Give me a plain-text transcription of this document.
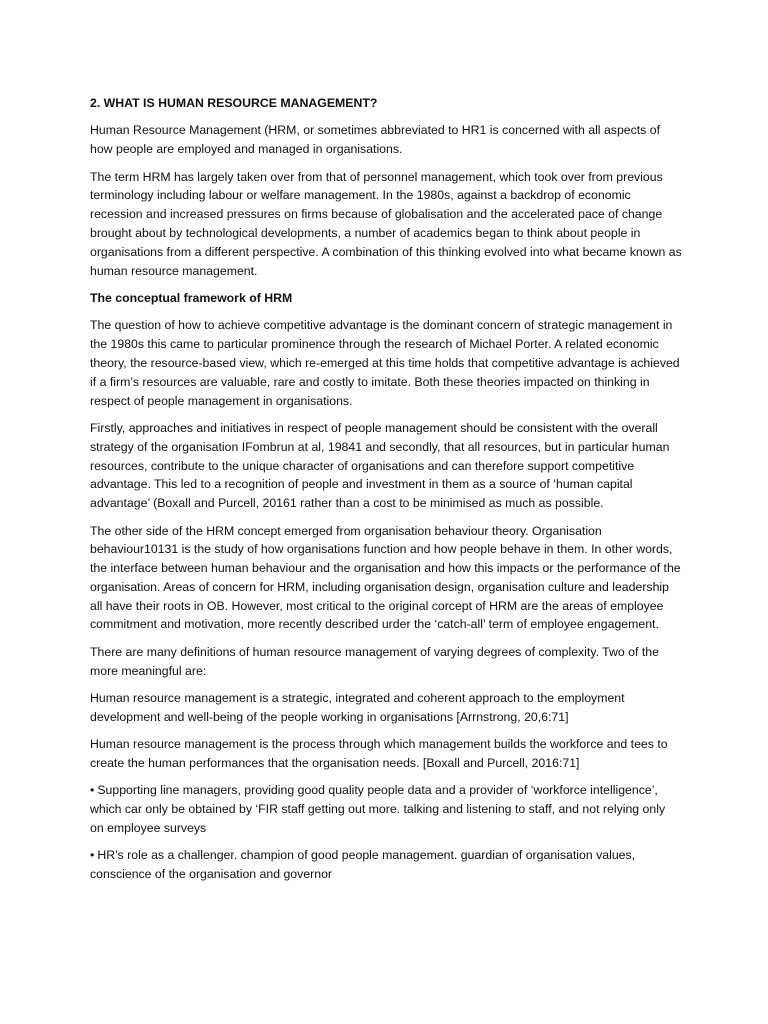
2. WHAT IS HUMAN RESOURCE MANAGEMENT?

Human Resource Management (HRM, or sometimes abbreviated to HR1 is concerned with all aspects of how people are employed and managed in organisations.

The term HRM has largely taken over from that of personnel management, which took over from previous terminology including labour or welfare management. In the 1980s, against a backdrop of economic recession and increased pressures on firms because of globalisation and the accelerated pace of change brought about by technological developments, a number of academics began to think about people in organisations from a different perspective. A combination of this thinking evolved into what became known as human resource management.

The conceptual framework of HRM

The question of how to achieve competitive advantage is the dominant concern of strategic management in the 1980s this came to particular prominence through the research of Michael Porter. A related economic theory, the resource-based view, which re-emerged at this time holds that competitive advantage is achieved if a firm’s resources are valuable, rare and costly to imitate. Both these theories impacted on thinking in respect of people management in organisations.

Firstly, approaches and initiatives in respect of people management should be consistent with the overall strategy of the organisation IFombrun at al, 19841 and secondly, that all resources, but in particular human resources, contribute to the unique character of organisations and can therefore support competitive advantage. This led to a recognition of people and investment in them as a source of ‘human capital advantage’ (Boxall and Purcell, 20161 rather than a cost to be minimised as much as possible.

The other side of the HRM concept emerged from organisation behaviour theory. Organisation behaviour10131 is the study of how organisations function and how people behave in them. In other words, the interface between human behaviour and the organisation and how this impacts or the performance of the organisation. Areas of concern for HRM, including organisation design, organisation culture and leadership all have their roots in OB. However, most critical to the original corcept of HRM are the areas of employee commitment and motivation, more recently described urder the ‘catch-all’ term of employee engagement.

There are many definitions of human resource management of varying degrees of complexity. Two of the more meaningful are:

Human resource management is a strategic, integrated and coherent approach to the employment development and well-being of the people working in organisations [Arrnstrong, 20,6:71]

Human resource management is the process through which management builds the workforce and tees to create the human performances that the organisation needs. [Boxall and Purcell, 2016:71]

• Supporting line managers, providing good quality people data and a provider of ‘workforce intelligence’, which car only be obtained by ‘FIR staff getting out more. talking and listening to staff, and not relying only on employee surveys

• HR’s role as a challenger. champion of good people management. guardian of organisation values, conscience of the organisation and governor
